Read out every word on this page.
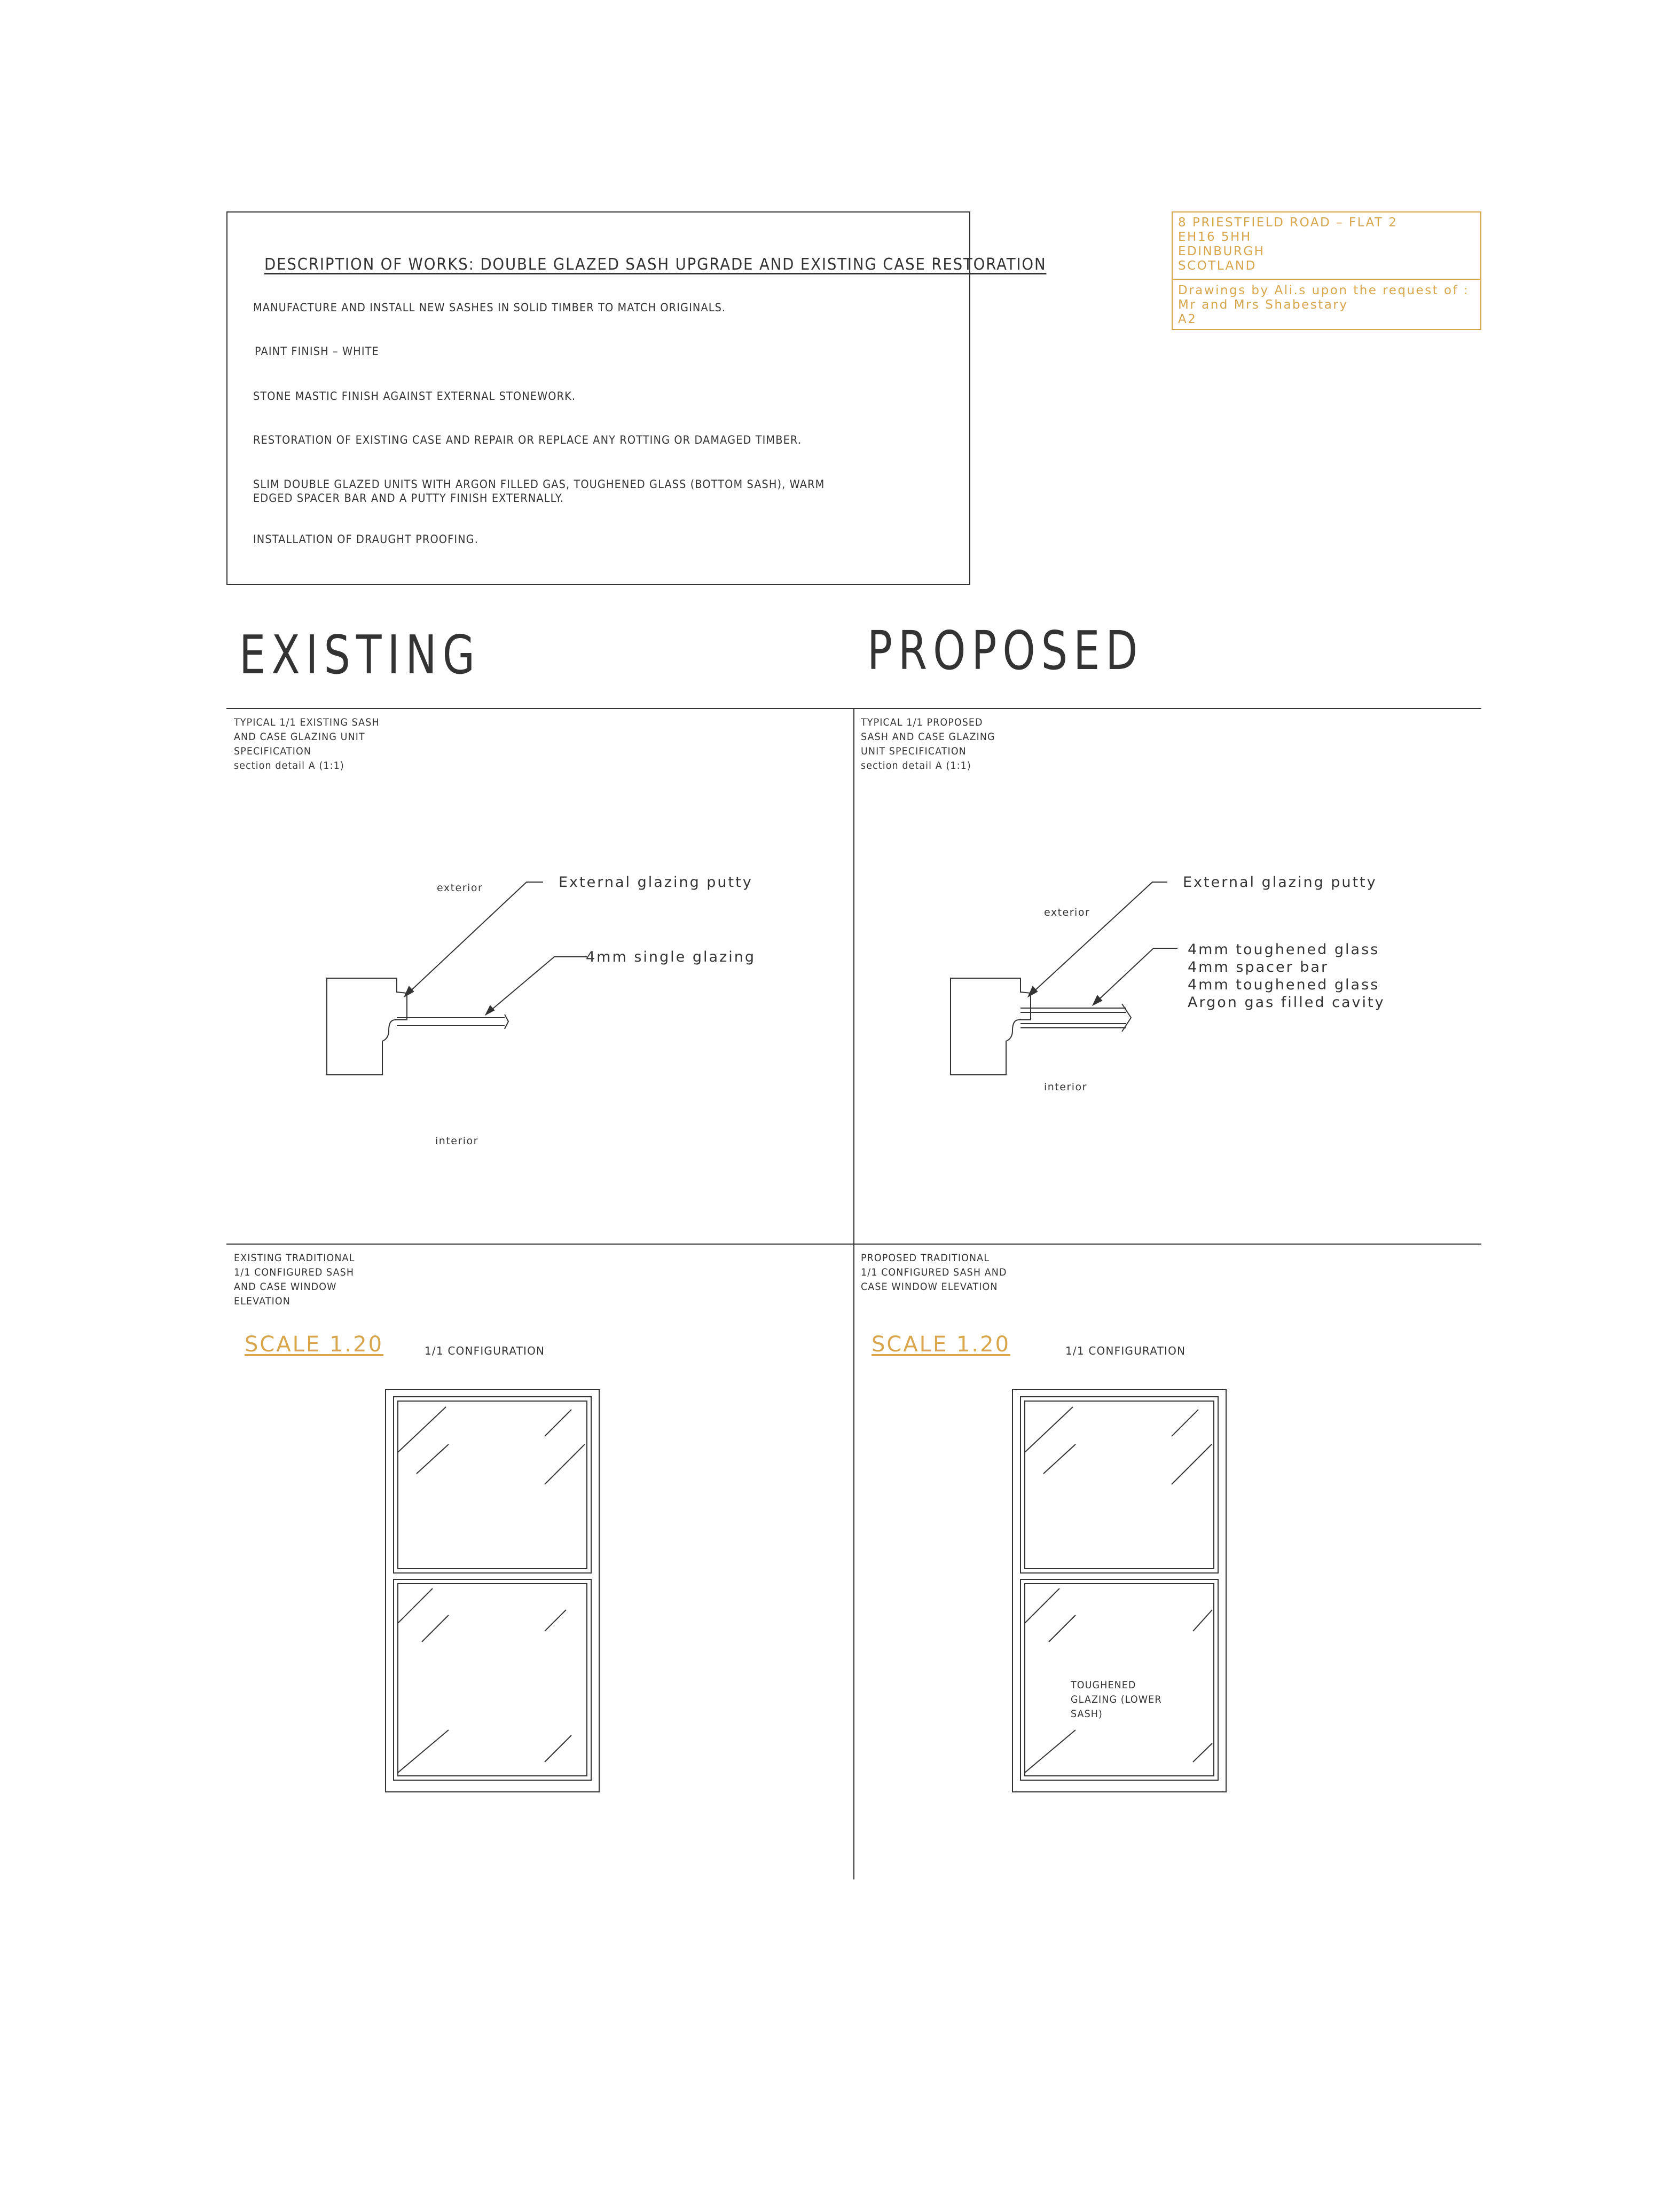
DESCRIPTION OF WORKS: DOUBLE GLAZED SASH UPGRADE AND EXISTING CASE RESTORATION
MANUFACTURE AND INSTALL NEW SASHES IN SOLID TIMBER TO MATCH ORIGINALS.
PAINT FINISH – WHITE
STONE MASTIC FINISH AGAINST EXTERNAL STONEWORK.
RESTORATION OF EXISTING CASE AND REPAIR OR REPLACE ANY ROTTING OR DAMAGED TIMBER.
SLIM DOUBLE GLAZED UNITS WITH ARGON FILLED GAS, TOUGHENED GLASS (BOTTOM SASH), WARM
EDGED SPACER BAR AND A PUTTY FINISH EXTERNALLY.
INSTALLATION OF DRAUGHT PROOFING.
8 PRIESTFIELD ROAD – FLAT 2
EH16 5HH
EDINBURGH
SCOTLAND
Drawings by Ali.s upon the request of :
Mr and Mrs Shabestary
A2
EXISTING	PROPOSED
TYPICAL 1/1 EXISTING SASH
AND CASE GLAZING UNIT
SPECIFICATION
section detail A (1:1)
exterior
interior
External glazing putty
4mm single glazing
TYPICAL 1/1 PROPOSED
SASH AND CASE GLAZING
UNIT SPECIFICATION
section detail A (1:1)
exterior
interior
External glazing putty
4mm toughened glass
4mm spacer bar
4mm toughened glass
Argon gas filled cavity
EXISTING TRADITIONAL
1/1 CONFIGURED SASH
AND CASE WINDOW
ELEVATION
SCALE 1.20	1/1 CONFIGURATION
PROPOSED TRADITIONAL
1/1 CONFIGURED SASH AND
CASE WINDOW ELEVATION
SCALE 1.20	1/1 CONFIGURATION
TOUGHENED
GLAZING (LOWER
SASH)
